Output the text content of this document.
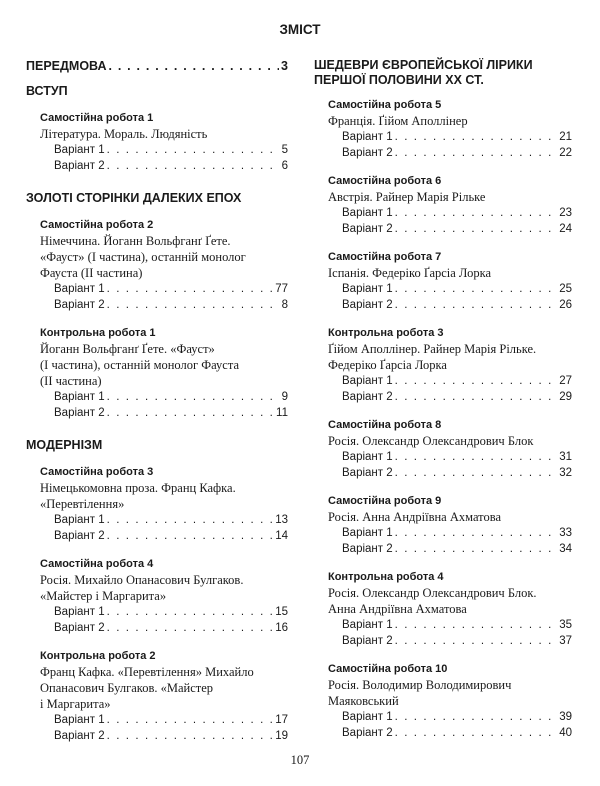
ЗМІСТ
ПЕРЕДМОВА . . .	3
ВСТУП
Самостійна робота 1
Література. Мораль. Людяність
Варіант 1 . . .	5
Варіант 2 . . .	6
ЗОЛОТІ СТОРІНКИ ДАЛЕКИХ ЕПОХ
Самостійна робота 2
Німеччина. Йоганн Вольфганґ Ґете.
«Фауст» (I частина), останній монолог
Фауста (II частина)
Варіант 1 . . .	77
Варіант 2 . . .	8
Контрольна робота 1
Йоганн Вольфганґ Ґете. «Фауст»
(I частина), останній монолог Фауста
(II частина)
Варіант 1 . . .	9
Варіант 2 . . .	11
МОДЕРНІЗМ
Самостійна робота 3
Німецькомовна проза. Франц Кафка.
«Перевтілення»
Варіант 1 . . .	13
Варіант 2 . . .	14
Самостійна робота 4
Росія. Михайло Опанасович Булгаков.
«Майстер і Маргарита»
Варіант 1 . . .	15
Варіант 2 . . .	16
Контрольна робота 2
Франц Кафка. «Перевтілення» Михайло
Опанасович Булгаков. «Майстер
і Маргарита»
Варіант 1 . . .	17
Варіант 2 . . .	19
ШЕДЕВРИ ЄВРОПЕЙСЬКОЇ ЛІРИКИ
ПЕРШОЇ ПОЛОВИНИ XX СТ.
Самостійна робота 5
Франція. Ґійом Аполлінер
Варіант 1 . . .	21
Варіант 2 . . .	22
Самостійна робота 6
Австрія. Райнер Марія Рільке
Варіант 1 . . .	23
Варіант 2 . . .	24
Самостійна робота 7
Іспанія. Федеріко Ґарсіа Лорка
Варіант 1 . . .	25
Варіант 2 . . .	26
Контрольна робота 3
Ґійом Аполлінер. Райнер Марія Рільке.
Федеріко Ґарсіа Лорка
Варіант 1 . . .	27
Варіант 2 . . .	29
Самостійна робота 8
Росія. Олександр Олександрович Блок
Варіант 1 . . .	31
Варіант 2 . . .	32
Самостійна робота 9
Росія. Анна Андріївна Ахматова
Варіант 1 . . .	33
Варіант 2 . . .	34
Контрольна робота 4
Росія. Олександр Олександрович Блок.
Анна Андріївна Ахматова
Варіант 1 . . .	35
Варіант 2 . . .	37
Самостійна робота 10
Росія. Володимир Володимирович
Маяковський
Варіант 1 . . .	39
Варіант 2 . . .	40
107
